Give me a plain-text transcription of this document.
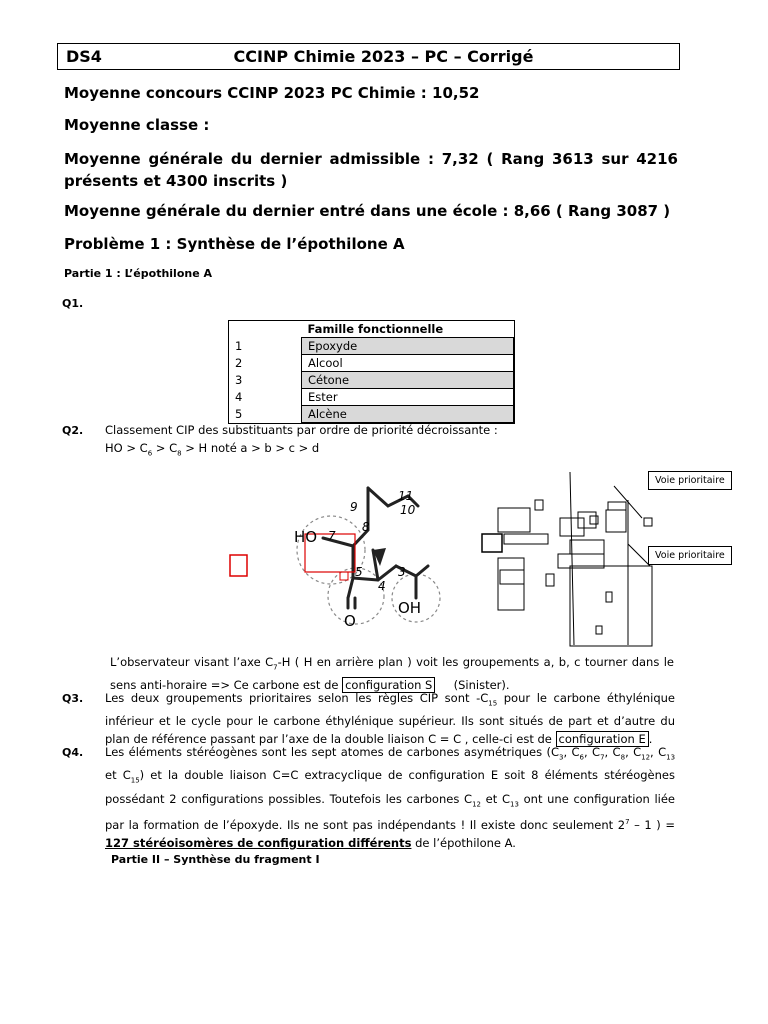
DS4	CCINP Chimie 2023 – PC – Corrigé
Moyenne concours CCINP 2023 PC Chimie : 10,52
Moyenne classe :
Moyenne générale du dernier admissible : 7,32 ( Rang 3613 sur 4216 présents et 4300 inscrits )
Moyenne générale du dernier entré dans une école : 8,66 ( Rang 3087 )
Problème 1 : Synthèse de l’épothilone A
Partie 1 : L’épothilone A
Q1.
	Famille fonctionnelle
1	Epoxyde
2	Alcool
3	Cétone
4	Ester
5	Alcène
Q2. Classement CIP des substituants par ordre de priorité décroissante :
HO > $C_6 > C_8 > H$ noté a > b > c > d
9
8
10
11
7
5
4
3
HO
O
OH
Voie prioritaire
Voie prioritaire
L’observateur visant l’axe $C_7-H$ ( H en arrière plan ) voit les groupements a, b, c tourner dans le sens anti-horaire => Ce carbone est de configuration S     (Sinister).
Q3. Les deux groupements prioritaires selon les règles CIP sont $-C_{15}$ pour le carbone éthylénique inférieur et le cycle pour le carbone éthylénique supérieur. Ils sont situés de part et d’autre du plan de référence passant par l’axe de la double liaison C = C , celle-ci est de configuration E .
Q4. Les éléments stéréogènes sont les sept atomes de carbones asymétriques ($C_3$, $C_6$, $C_7$, $C_8$, $C_{12}$, $C_{13}$ et $C_{15}$) et la double liaison C=C extracyclique de configuration E soit 8 éléments stéréogènes possédant 2 configurations possibles. Toutefois les carbones $C_{12}$ et $C_{13}$ ont une configuration liée par la formation de l’époxyde. Ils ne sont pas indépendants ! Il existe donc seulement $2^7 - 1$ ) = 127 stéréoisomères de configuration différents de l’épothilone A.
Partie II – Synthèse du fragment I
